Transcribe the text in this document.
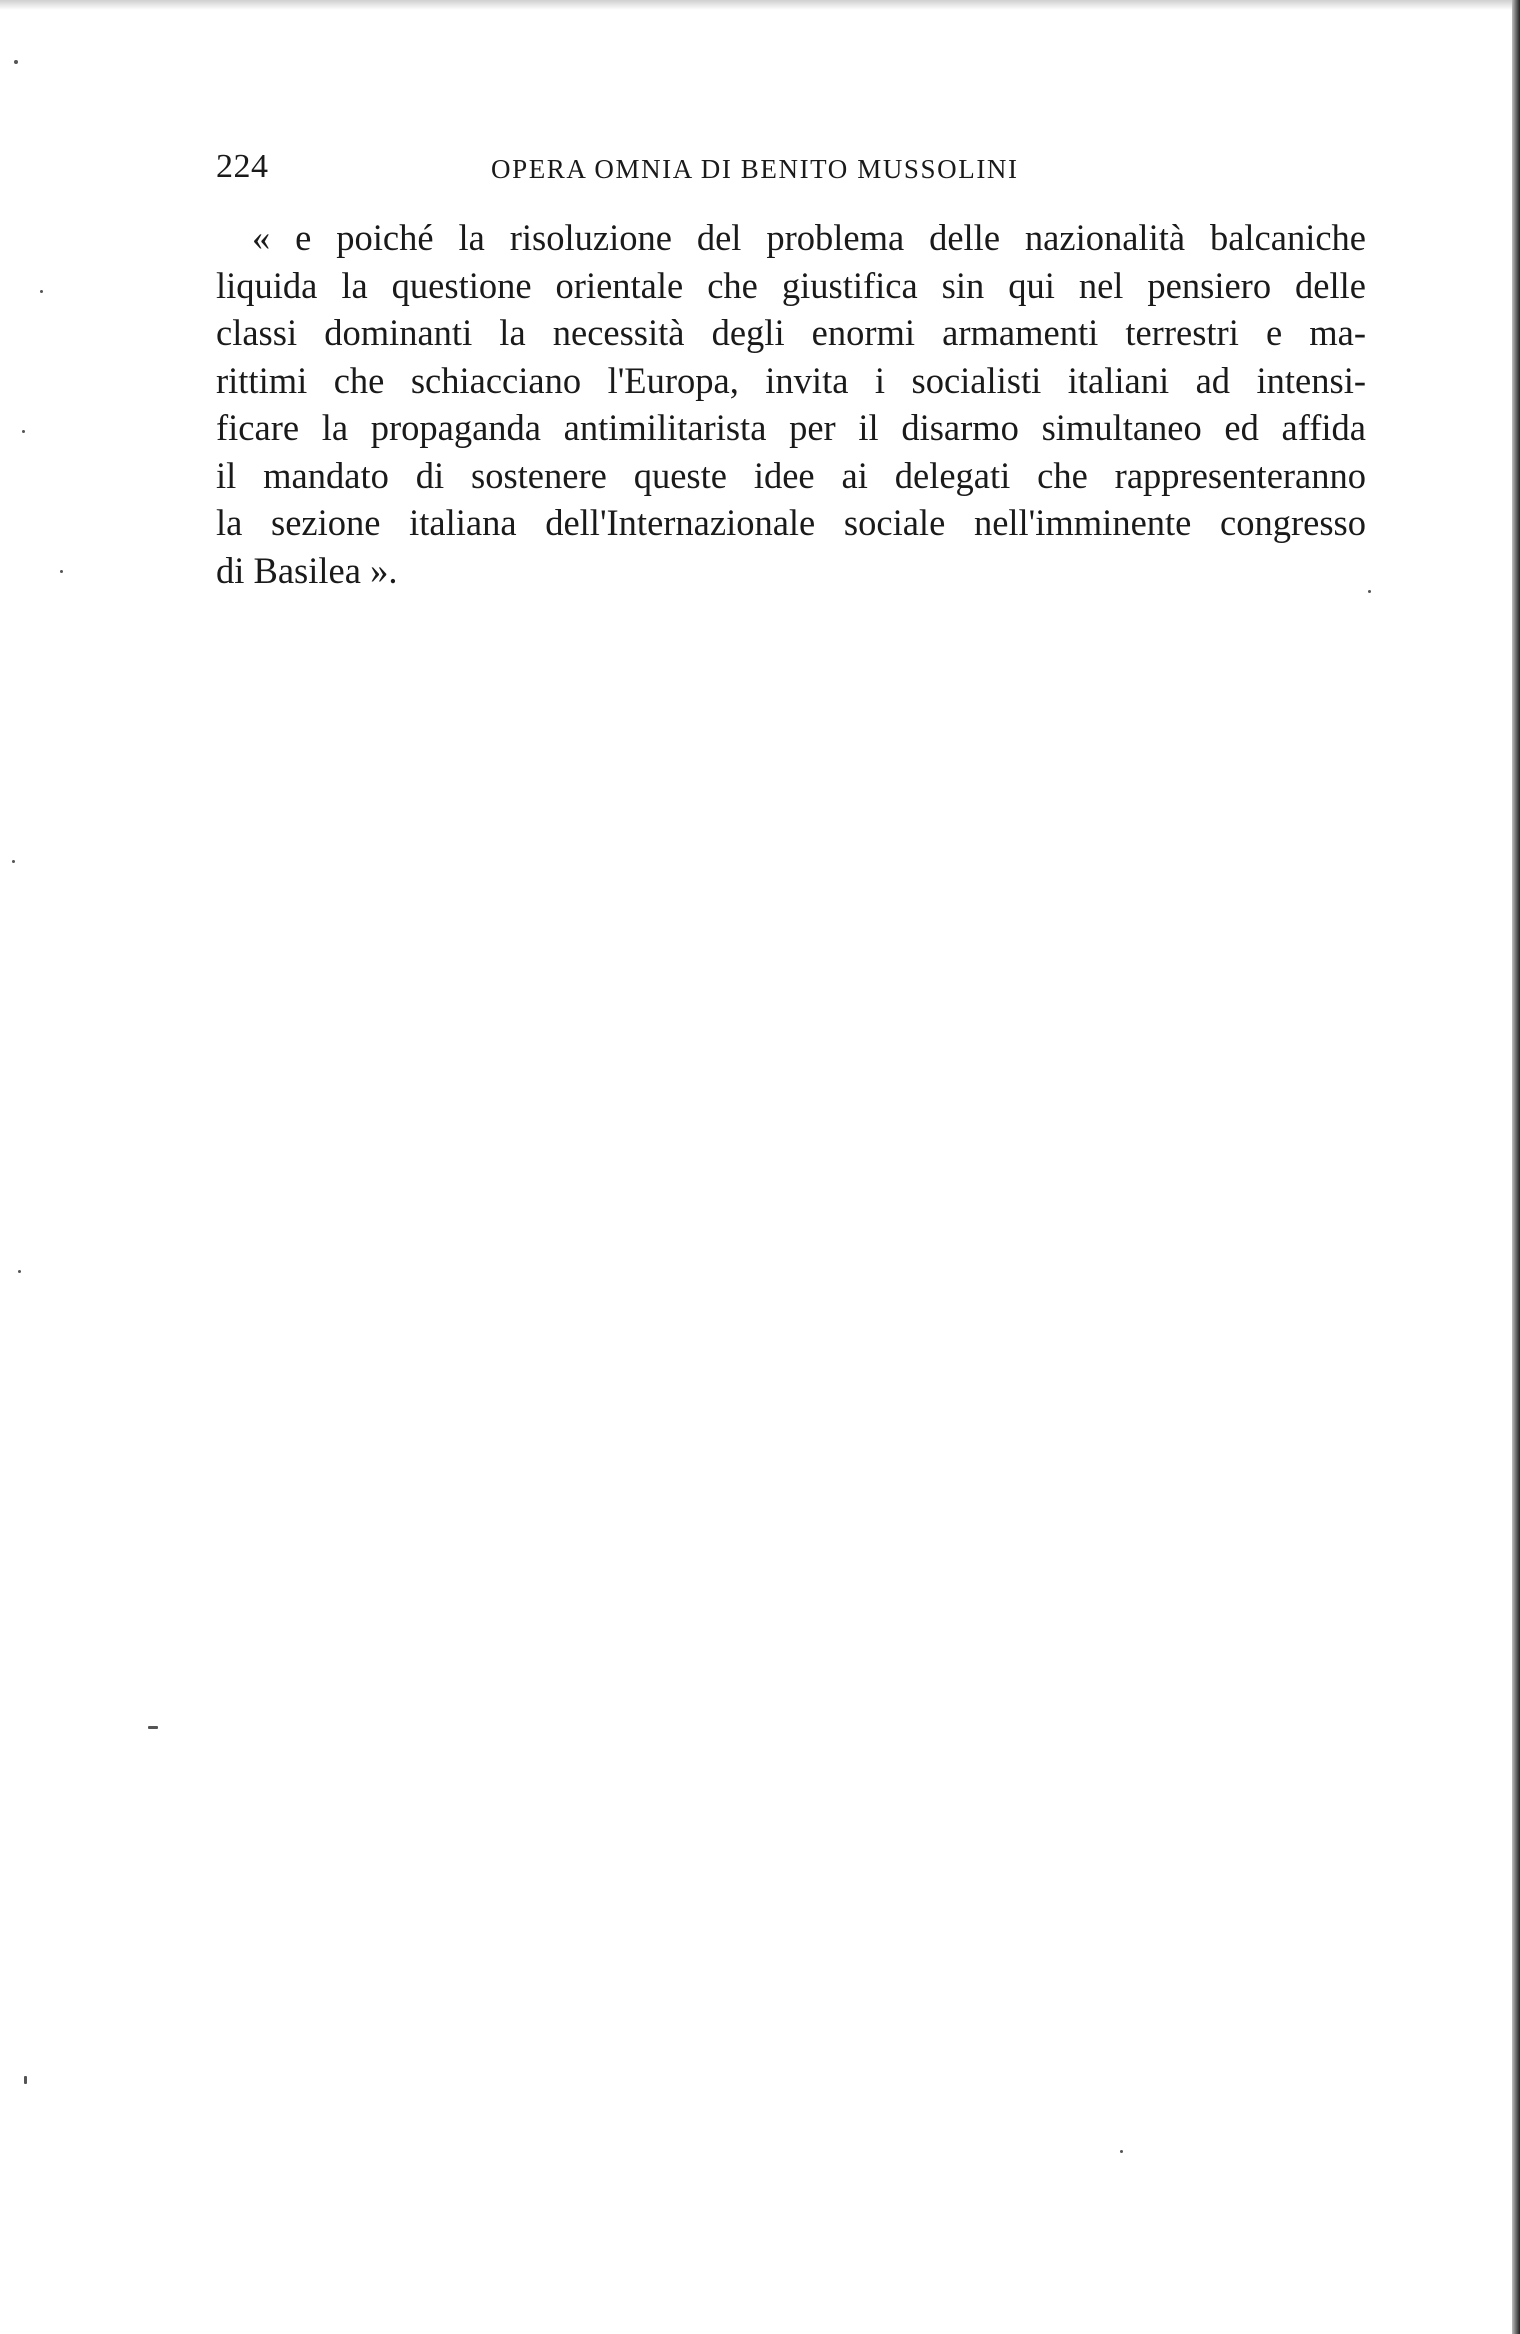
224	OPERA OMNIA DI BENITO MUSSOLINI
« e poiché la risoluzione del problema delle nazionalità balcaniche
liquida la questione orientale che giustifica sin qui nel pensiero delle
classi dominanti la necessità degli enormi armamenti terrestri e ma-
rittimi che schiacciano l'Europa, invita i socialisti italiani ad intensi-
ficare la propaganda antimilitarista per il disarmo simultaneo ed affida
il mandato di sostenere queste idee ai delegati che rappresenteranno
la sezione italiana dell'Internazionale sociale nell'imminente congresso
di Basilea ».
